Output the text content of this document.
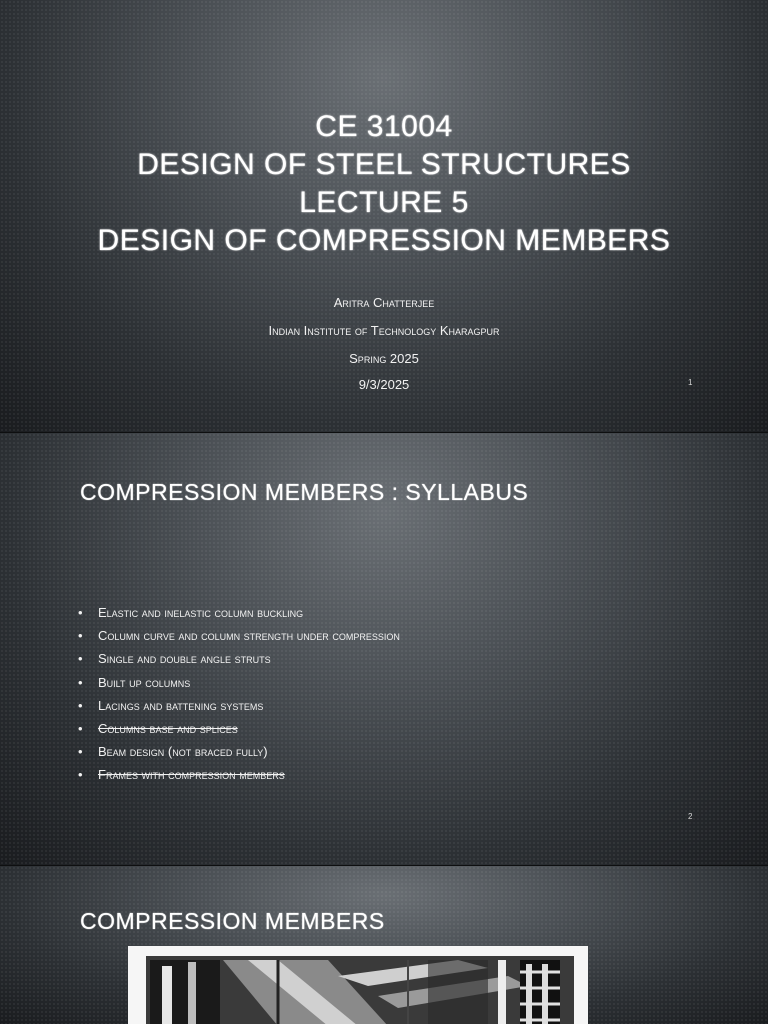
CE 31004
DESIGN OF STEEL STRUCTURES
LECTURE 5
DESIGN OF COMPRESSION MEMBERS
Aritra Chatterjee
Indian Institute of Technology Kharagpur
Spring 2025
9/3/2025	1
COMPRESSION MEMBERS : SYLLABUS
• Elastic and inelastic column buckling
• Column curve and column strength under compression
• Single and double angle struts
• Built up columns
• Lacings and battening systems
• Columns base and splices
• Beam design (not braced fully)
• Frames with compression members
2
COMPRESSION MEMBERS
